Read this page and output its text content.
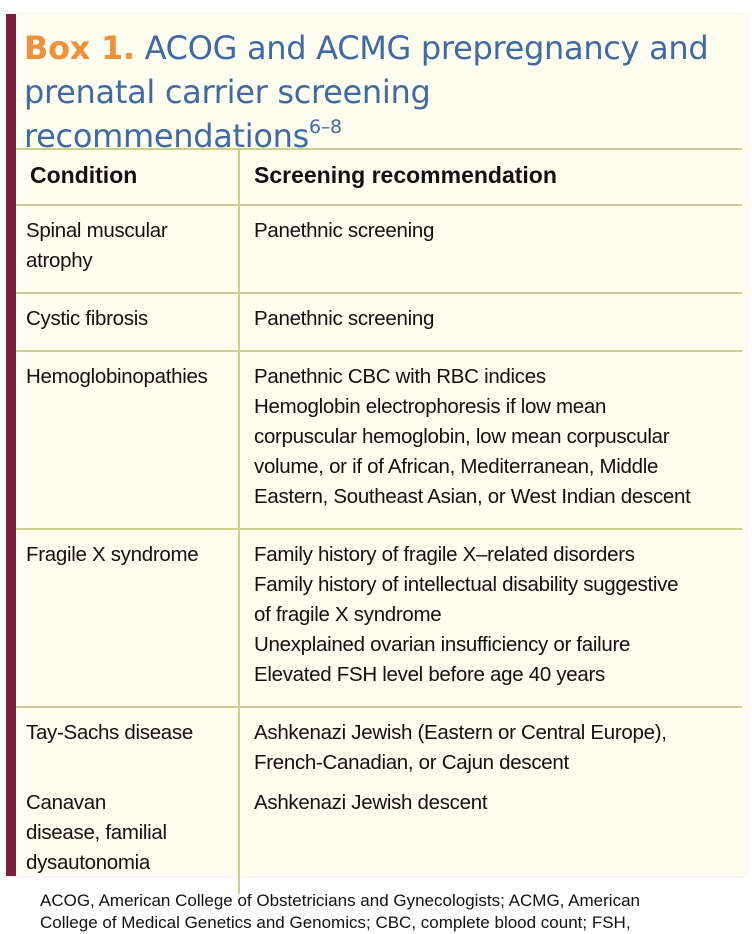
Box 1. ACOG and ACMG prepregnancy and prenatal carrier screening recommendations$^{6-8}$
Condition	Screening recommendation

Spinal muscular
atrophy	Panethnic screening

Cystic fibrosis	Panethnic screening

Hemoglobinopathies	Panethnic CBC with RBC indices
Hemoglobin electrophoresis if low mean
corpuscular hemoglobin, low mean corpuscular
volume, or if of African, Mediterranean, Middle
Eastern, Southeast Asian, or West Indian descent

Fragile X syndrome	Family history of fragile X–related disorders
Family history of intellectual disability suggestive
of fragile X syndrome
Unexplained ovarian insufficiency or failure
Elevated FSH level before age 40 years

Tay-Sachs disease	Ashkenazi Jewish (Eastern or Central Europe),
French-Canadian, or Cajun descent

Canavan
disease, familial
dysautonomia	Ashkenazi Jewish descent
ACOG, American College of Obstetricians and Gynecologists; ACMG, American
College of Medical Genetics and Genomics; CBC, complete blood count; FSH,
